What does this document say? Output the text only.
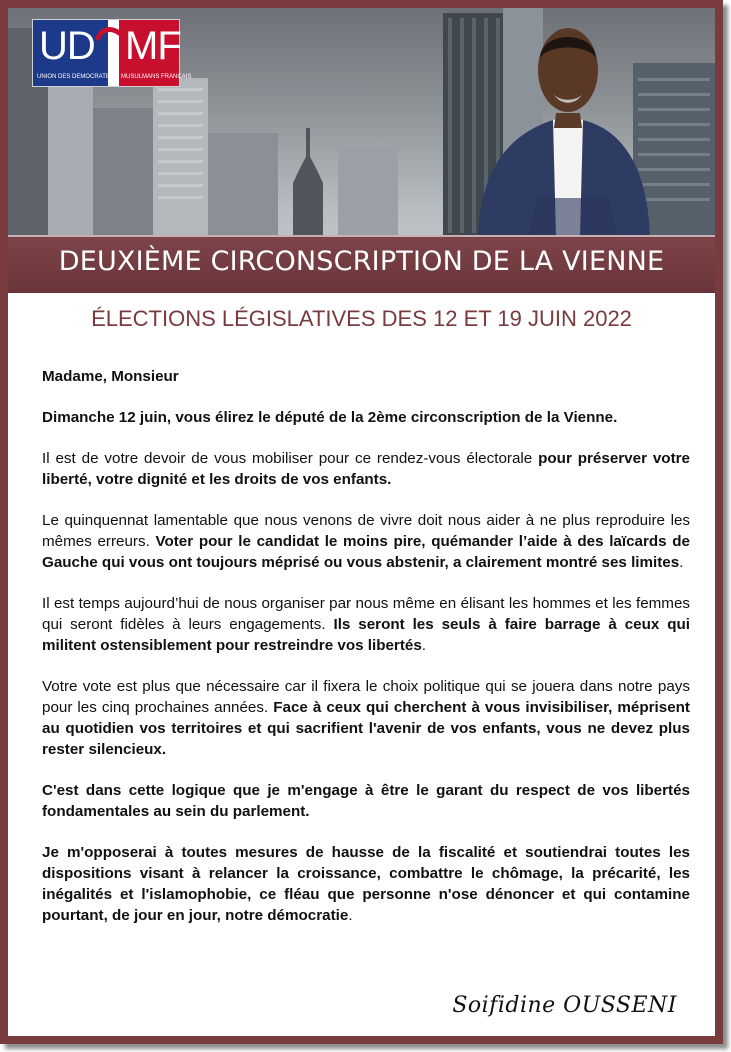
UD MF
UNION DES DEMOCRATES MUSULMANS FRANCAIS
DEUXIÈME CIRCONSCRIPTION DE LA VIENNE
ÉLECTIONS LÉGISLATIVES DES 12 ET 19 JUIN 2022

Madame, Monsieur

Dimanche 12 juin, vous élirez le député de la 2ème circonscription de la Vienne.

Il est de votre devoir de vous mobiliser pour ce rendez-vous électorale pour préserver votre liberté, votre dignité et les droits de vos enfants.

Le quinquennat lamentable que nous venons de vivre doit nous aider à ne plus reproduire les mêmes erreurs. Voter pour le candidat le moins pire, quémander l’aide à des laïcards de Gauche qui vous ont toujours méprisé ou vous abstenir, a clairement montré ses limites.

Il est temps aujourd’hui de nous organiser par nous même en élisant les hommes et les femmes qui seront fidèles à leurs engagements. Ils seront les seuls à faire barrage à ceux qui militent ostensiblement pour restreindre vos libertés.

Votre vote est plus que nécessaire car il fixera le choix politique qui se jouera dans notre pays pour les cinq prochaines années. Face à ceux qui cherchent à vous invisibiliser, méprisent au quotidien vos territoires et qui sacrifient l'avenir de vos enfants, vous ne devez plus rester silencieux.

C'est dans cette logique que je m'engage à être le garant du respect de vos libertés fondamentales au sein du parlement.

Je m'opposerai à toutes mesures de hausse de la fiscalité et soutiendrai toutes les dispositions visant à relancer la croissance, combattre le chômage, la précarité, les inégalités et l'islamophobie, ce fléau que personne n'ose dénoncer et qui contamine pourtant, de jour en jour, notre démocratie.

Soifidine OUSSENI
